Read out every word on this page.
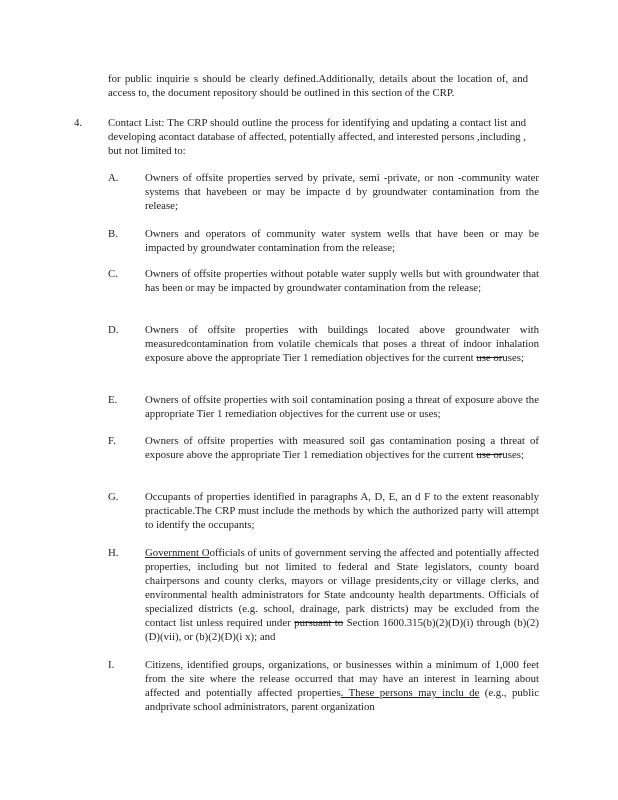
for public inquirie s should be clearly defined.Additionally, details about the location of, and access to, the document repository should be outlined in this section of the CRP.
4. Contact List: The CRP should outline the process for identifying and updating a contact list and developing acontact database of affected, potentially affected, and interested persons ,including , but not limited to:
A. Owners of offsite properties served by private, semi -private, or non -community water systems that havebeen or may be impacte d by groundwater contamination from the release;
B.	Owners and operators of community water system wells that have been or may be impacted by groundwater contamination from the release;
C.	Owners of offsite properties without potable water supply wells but with groundwater that has been or may be impacted by groundwater contamination from the release;
D. Owners of offsite properties with buildings located above groundwater with measuredcontamination from volatile chemicals that poses a threat of indoor inhalation exposure above the appropriate Tier 1 remediation objectives for the current use oruses;
E.	Owners of offsite properties with soil contamination posing a threat of exposure above the appropriate Tier 1 remediation objectives for the current use or uses;
F.	Owners of offsite properties with measured soil gas contamination posing a threat of exposure above the appropriate Tier 1 remediation objectives for the current use oruses;
G. Occupants of properties identified in paragraphs A, D, E, an d F to the extent reasonably practicable.The CRP must include the methods by which the authorized party will attempt to identify the occupants;
H. Government Oofficials of units of government serving the affected and potentially affected properties, including but not limited to federal and State legislators, county board chairpersons and county clerks, mayors or village presidents,city or village clerks, and environmental health administrators for State andcounty health departments. Officials of specialized districts (e.g. school, drainage, park districts) may be excluded from the contact list unless required under pursuant to Section 1600.315(b)(2)(D)(i) through (b)(2)(D)(vii), or (b)(2)(D)(i x); and
I.	Citizens, identified groups, organizations, or businesses within a minimum of 1,000 feet from the site where the release occurred that may have an interest in learning about affected and potentially affected properties. These persons may inclu de (e.g., public andprivate school administrators, parent organization
